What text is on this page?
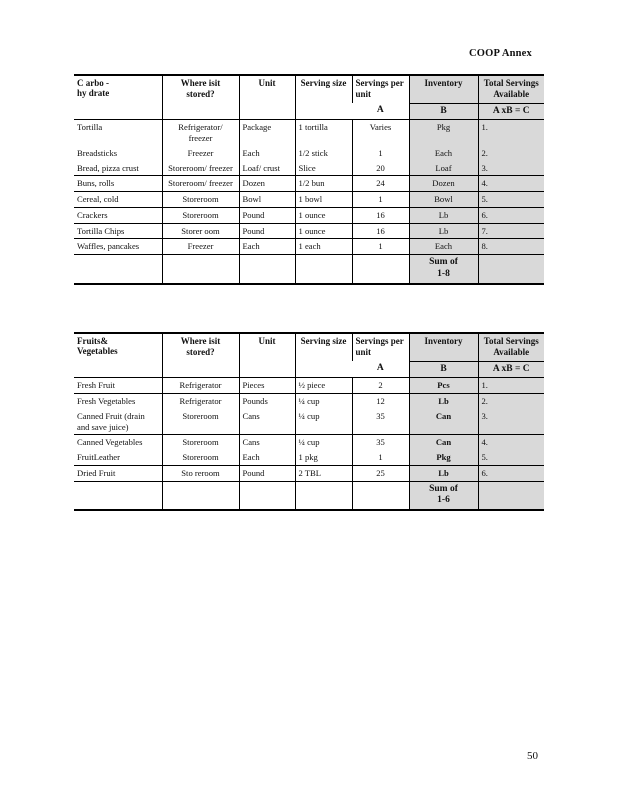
COOP Annex
C arbo -
hy drate	Where isit stored?	Unit	Serving size	Servings per unit	Inventory	Total Servings Available
				A	B	A xB = C
Tortilla	Refrigerator/ freezer	Package	1 tortilla	Varies	Pkg	1.
Breadsticks	Freezer	Each	1/2 stick	1	Each	2.
Bread, pizza crust	Storeroom/ freezer	Loaf/ crust	Slice	20	Loaf	3.
Buns, rolls	Storeroom/ freezer	Dozen	1/2 bun	24	Dozen	4.
Cereal, cold	Storeroom	Bowl	1 bowl	1	Bowl	5.
Crackers	Storeroom	Pound	1 ounce	16	Lb	6.
Tortilla Chips	Storer oom	Pound	1 ounce	16	Lb	7.
Waffles, pancakes	Freezer	Each	1 each	1	Each	8.
					Sum of
1-8	
Fruits&
Vegetables	Where isit stored?	Unit	Serving size	Servings per unit	Inventory	Total Servings Available
				A	B	A xB = C
Fresh Fruit	Refrigerator	Pieces	½ piece	2	Pcs	1.
Fresh Vegetables	Refrigerator	Pounds	¼ cup	12	Lb	2.
Canned Fruit (drain and save juice)	Storeroom	Cans	¼ cup	35	Can	3.
Canned Vegetables	Storeroom	Cans	¼ cup	35	Can	4.
FruitLeather	Storeroom	Each	1 pkg	1	Pkg	5.
Dried Fruit	Sto reroom	Pound	2 TBL	25	Lb	6.
					Sum of
1-6	
50
